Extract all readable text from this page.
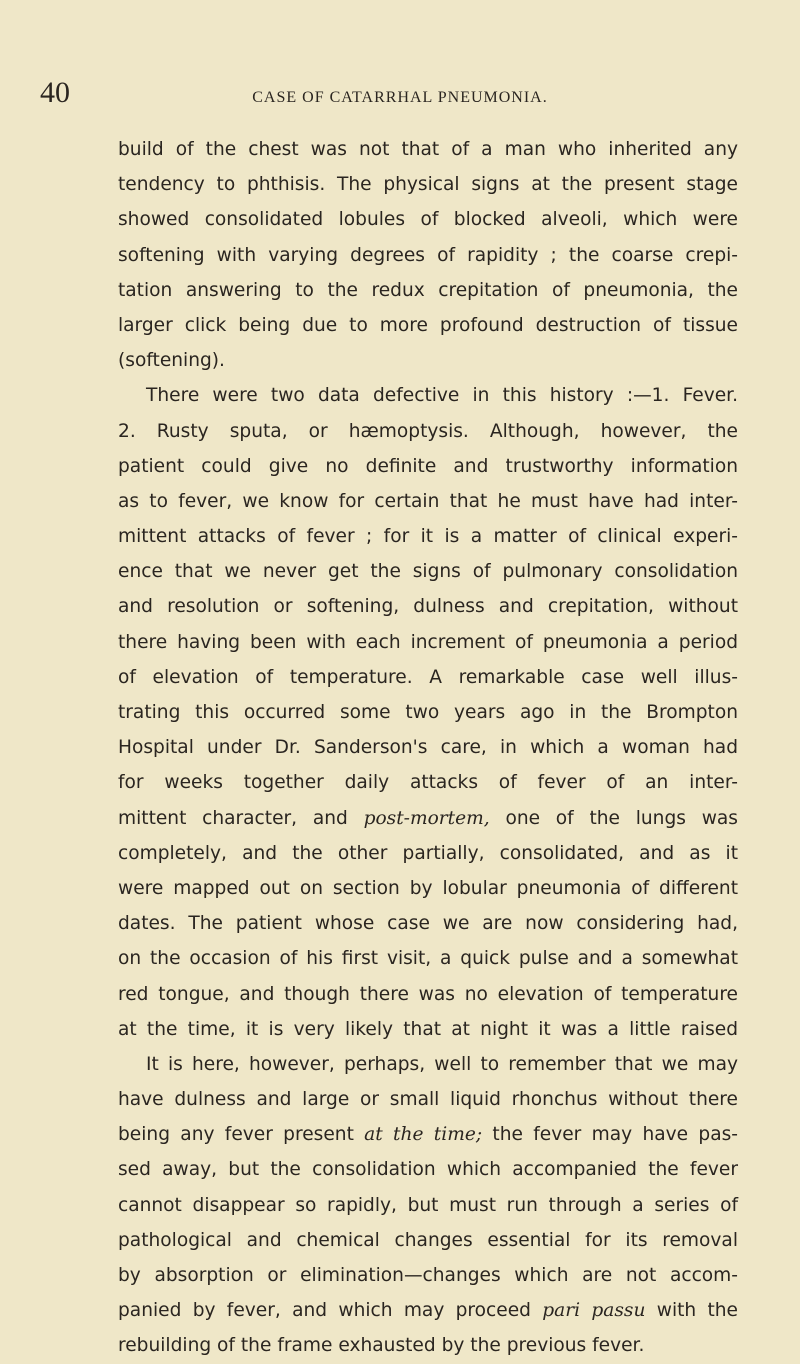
40	CASE OF CATARRHAL PNEUMONIA.
build of the chest was not that of a man who inherited any
tendency to phthisis. The physical signs at the present stage
showed consolidated lobules of blocked alveoli, which were
softening with varying degrees of rapidity ; the coarse crepi-
tation answering to the redux crepitation of pneumonia, the
larger click being due to more profound destruction of tissue
(softening).
There were two data defective in this history :—1. Fever.
2. Rusty sputa, or hæmoptysis. Although, however, the
patient could give no definite and trustworthy information
as to fever, we know for certain that he must have had inter-
mittent attacks of fever ; for it is a matter of clinical experi-
ence that we never get the signs of pulmonary consolidation
and resolution or softening, dulness and crepitation, without
there having been with each increment of pneumonia a period
of elevation of temperature. A remarkable case well illus-
trating this occurred some two years ago in the Brompton
Hospital under Dr. Sanderson's care, in which a woman had
for weeks together daily attacks of fever of an inter-
mittent character, and post-mortem, one of the lungs was
completely, and the other partially, consolidated, and as it
were mapped out on section by lobular pneumonia of different
dates. The patient whose case we are now considering had,
on the occasion of his first visit, a quick pulse and a somewhat
red tongue, and though there was no elevation of temperature
at the time, it is very likely that at night it was a little raised
It is here, however, perhaps, well to remember that we may
have dulness and large or small liquid rhonchus without there
being any fever present at the time; the fever may have pas-
sed away, but the consolidation which accompanied the fever
cannot disappear so rapidly, but must run through a series of
pathological and chemical changes essential for its removal
by absorption or elimination—changes which are not accom-
panied by fever, and which may proceed pari passu with the
rebuilding of the frame exhausted by the previous fever.
